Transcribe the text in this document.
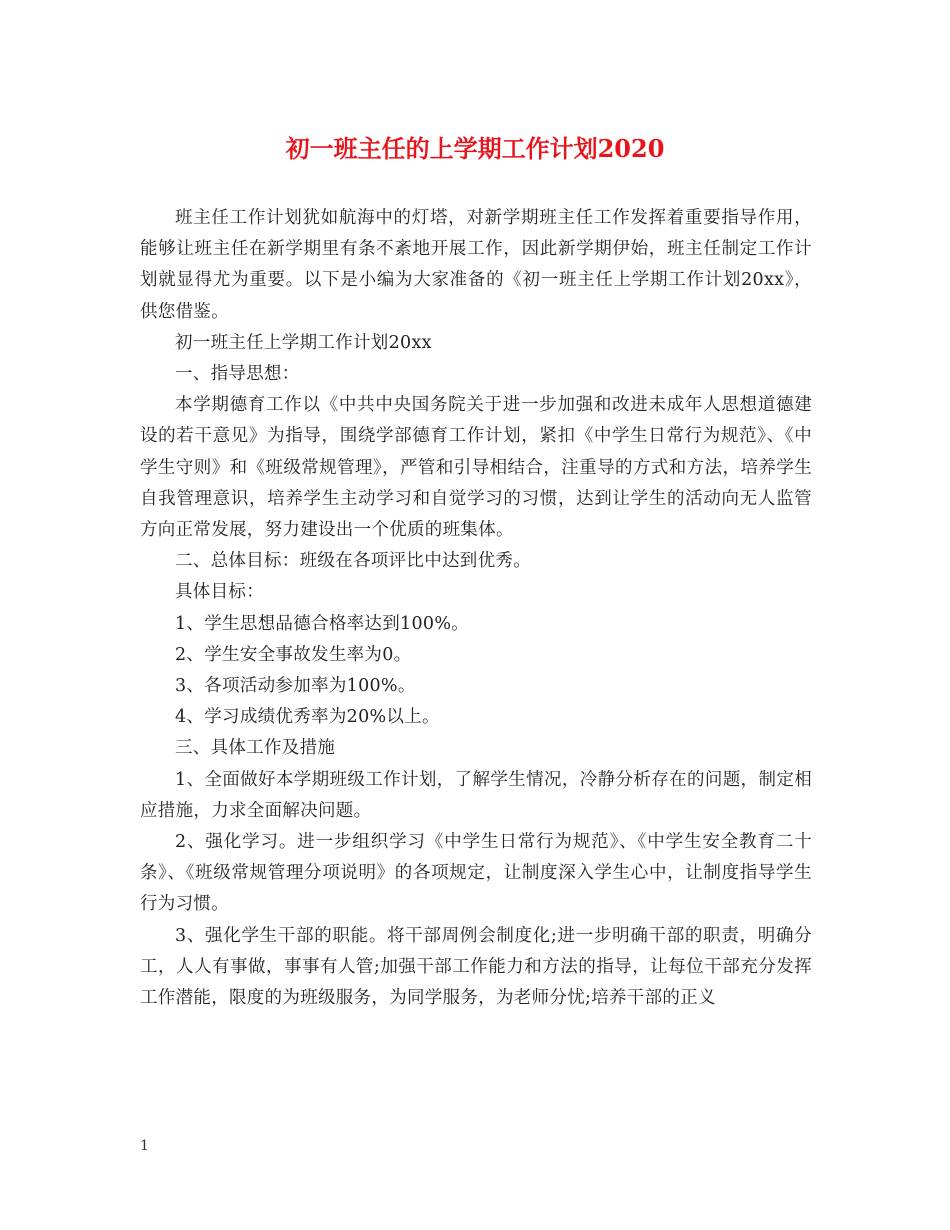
初一班主任的上学期工作计划2020

班主任工作计划犹如航海中的灯塔，对新学期班主任工作发挥着重要指导作用，能够让班主任在新学期里有条不紊地开展工作，因此新学期伊始，班主任制定工作计划就显得尤为重要。以下是小编为大家准备的《初一班主任上学期工作计划20xx》，供您借鉴。

初一班主任上学期工作计划20xx

一、指导思想：

本学期德育工作以《中共中央国务院关于进一步加强和改进未成年人思想道德建设的若干意见》为指导，围绕学部德育工作计划，紧扣《中学生日常行为规范》、《中学生守则》和《班级常规管理》，严管和引导相结合，注重导的方式和方法，培养学生自我管理意识，培养学生主动学习和自觉学习的习惯，达到让学生的活动向无人监管方向正常发展，努力建设出一个优质的班集体。

二、总体目标：班级在各项评比中达到优秀。

具体目标：

1、学生思想品德合格率达到100%。

2、学生安全事故发生率为0。

3、各项活动参加率为100%。

4、学习成绩优秀率为20%以上。

三、具体工作及措施

1、全面做好本学期班级工作计划，了解学生情况，冷静分析存在的问题，制定相应措施，力求全面解决问题。

2、强化学习。进一步组织学习《中学生日常行为规范》、《中学生安全教育二十条》、《班级常规管理分项说明》的各项规定，让制度深入学生心中，让制度指导学生行为习惯。

3、强化学生干部的职能。将干部周例会制度化;进一步明确干部的职责，明确分工，人人有事做，事事有人管;加强干部工作能力和方法的指导，让每位干部充分发挥工作潜能，限度的为班级服务，为同学服务，为老师分忧;培养干部的正义

1
